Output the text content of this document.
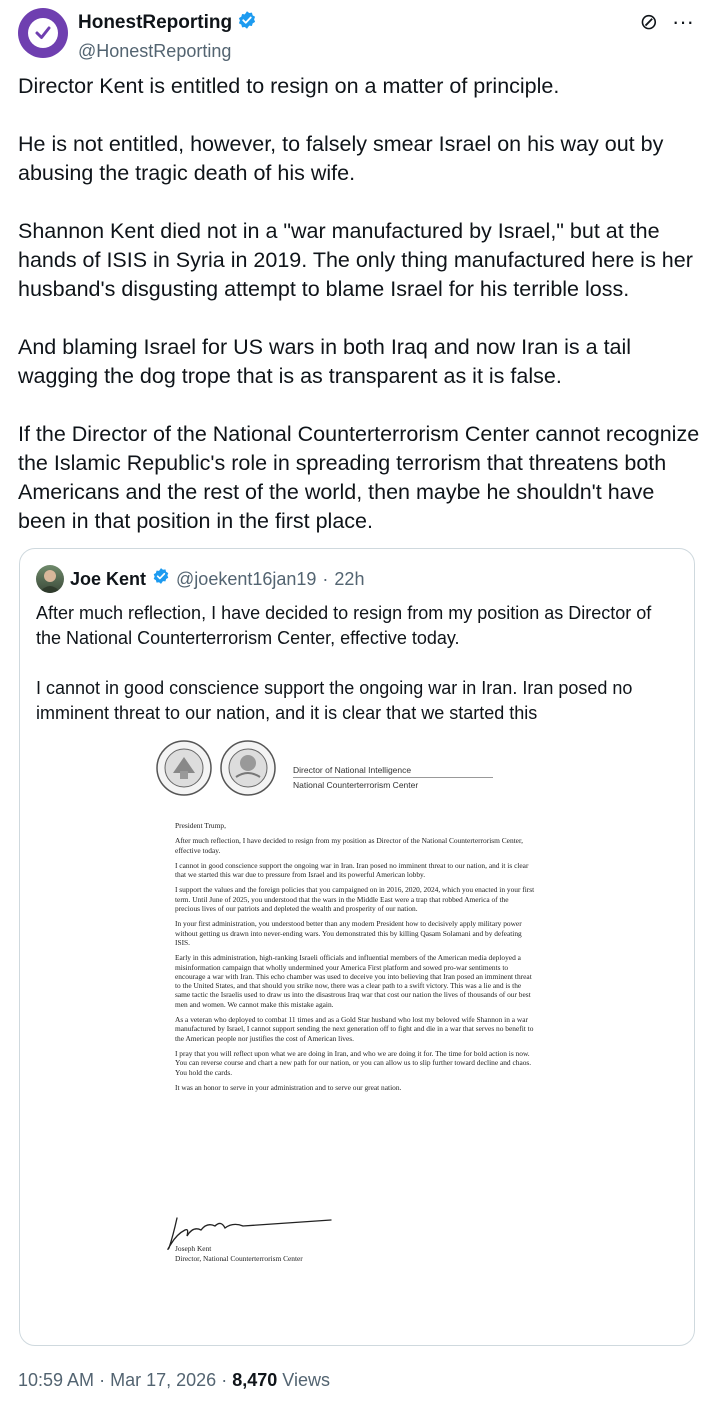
HonestReporting
@HonestReporting
⊘ ···

Director Kent is entitled to resign on a matter of principle.

He is not entitled, however, to falsely smear Israel on his way out by abusing the tragic death of his wife.

Shannon Kent died not in a "war manufactured by Israel," but at the hands of ISIS in Syria in 2019. The only thing manufactured here is her husband's disgusting attempt to blame Israel for his terrible loss.

And blaming Israel for US wars in both Iraq and now Iran is a tail wagging the dog trope that is as transparent as it is false.

If the Director of the National Counterterrorism Center cannot recognize the Islamic Republic's role in spreading terrorism that threatens both Americans and the rest of the world, then maybe he shouldn't have been in that position in the first place.

Joe Kent @joekent16jan19 · 22h

After much reflection, I have decided to resign from my position as Director of the National Counterterrorism Center, effective today.

I cannot in good conscience support the ongoing war in Iran. Iran posed no imminent threat to our nation, and it is clear that we started this

Director of National Intelligence
National Counterterrorism Center

President Trump,

After much reflection, I have decided to resign from my position as Director of the National Counterterrorism Center, effective today.

I cannot in good conscience support the ongoing war in Iran. Iran posed no imminent threat to our nation, and it is clear that we started this war due to pressure from Israel and its powerful American lobby.

I support the values and the foreign policies that you campaigned on in 2016, 2020, 2024, which you enacted in your first term. Until June of 2025, you understood that the wars in the Middle East were a trap that robbed America of the precious lives of our patriots and depleted the wealth and prosperity of our nation.

In your first administration, you understood better than any modern President how to decisively apply military power without getting us drawn into never-ending wars. You demonstrated this by killing Qasam Solamani and by defeating ISIS.

Early in this administration, high-ranking Israeli officials and influential members of the American media deployed a misinformation campaign that wholly undermined your America First platform and sowed pro-war sentiments to encourage a war with Iran. This echo chamber was used to deceive you into believing that Iran posed an imminent threat to the United States, and that should you strike now, there was a clear path to a swift victory. This was a lie and is the same tactic the Israelis used to draw us into the disastrous Iraq war that cost our nation the lives of thousands of our best men and women. We cannot make this mistake again.

As a veteran who deployed to combat 11 times and as a Gold Star husband who lost my beloved wife Shannon in a war manufactured by Israel, I cannot support sending the next generation off to fight and die in a war that serves no benefit to the American people nor justifies the cost of American lives.

I pray that you will reflect upon what we are doing in Iran, and who we are doing it for. The time for bold action is now. You can reverse course and chart a new path for our nation, or you can allow us to slip further toward decline and chaos. You hold the cards.

It was an honor to serve in your administration and to serve our great nation.

Joseph Kent
Director, National Counterterrorism Center
10:59 AM · Mar 17, 2026 · 8,470 Views
